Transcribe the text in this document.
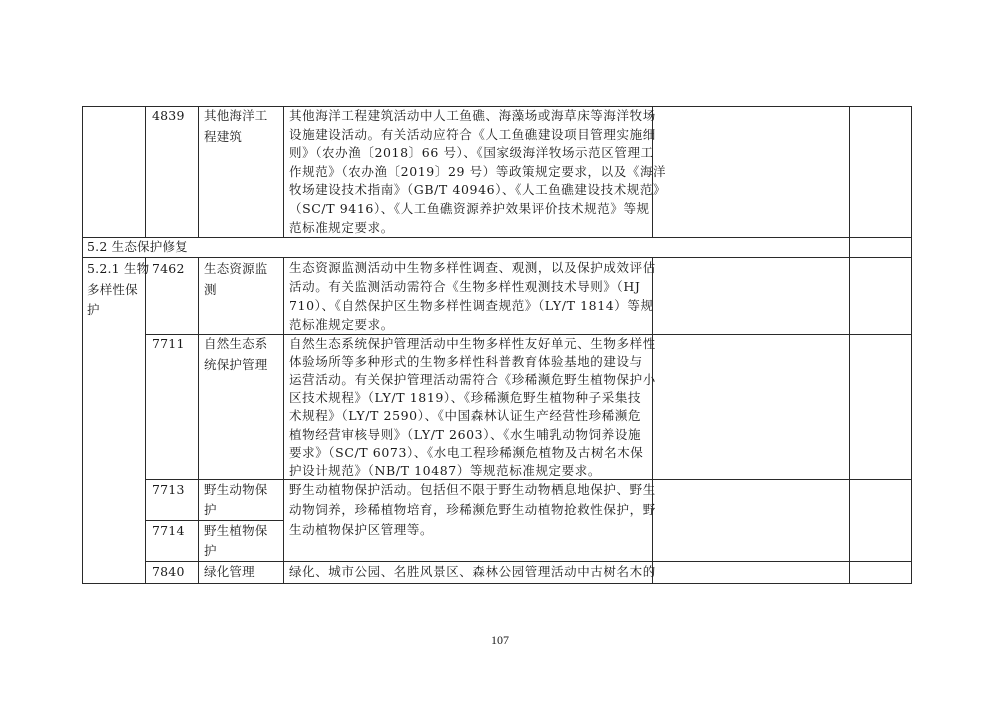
4839 其他海洋工
程建筑
其他海洋工程建筑活动中人工鱼礁、海藻场或海草床等海洋牧场
设施建设活动。有关活动应符合《人工鱼礁建设项目管理实施细
则》（农办渔〔2018〕66 号）、《国家级海洋牧场示范区管理工
作规范》（农办渔〔2019〕29 号）等政策规定要求，以及《海洋
牧场建设技术指南》（GB/T 40946）、《人工鱼礁建设技术规范》
（SC/T 9416）、《人工鱼礁资源养护效果评价技术规范》等规
范标准规定要求。
5.2 生态保护修复
5.2.1 生物
多样性保
护
7462 生态资源监
测
生态资源监测活动中生物多样性调查、观测，以及保护成效评估
活动。有关监测活动需符合《生物多样性观测技术导则》（HJ
710）、《自然保护区生物多样性调查规范》（LY/T 1814）等规
范标准规定要求。
7711 自然生态系
统保护管理
自然生态系统保护管理活动中生物多样性友好单元、生物多样性
体验场所等多种形式的生物多样性科普教育体验基地的建设与
运营活动。有关保护管理活动需符合《珍稀濒危野生植物保护小
区技术规程》（LY/T 1819）、《珍稀濒危野生植物种子采集技
术规程》（LY/T 2590）、《中国森林认证生产经营性珍稀濒危
植物经营审核导则》（LY/T 2603）、《水生哺乳动物饲养设施
要求》（SC/T 6073）、《水电工程珍稀濒危植物及古树名木保
护设计规范》（NB/T 10487）等规范标准规定要求。
7713 野生动物保
护
7714 野生植物保
护
野生动植物保护活动。包括但不限于野生动物栖息地保护、野生
动物饲养，珍稀植物培育，珍稀濒危野生动植物抢救性保护，野
生动植物保护区管理等。
7840 绿化管理	绿化、城市公园、名胜风景区、森林公园管理活动中古树名木的
107
